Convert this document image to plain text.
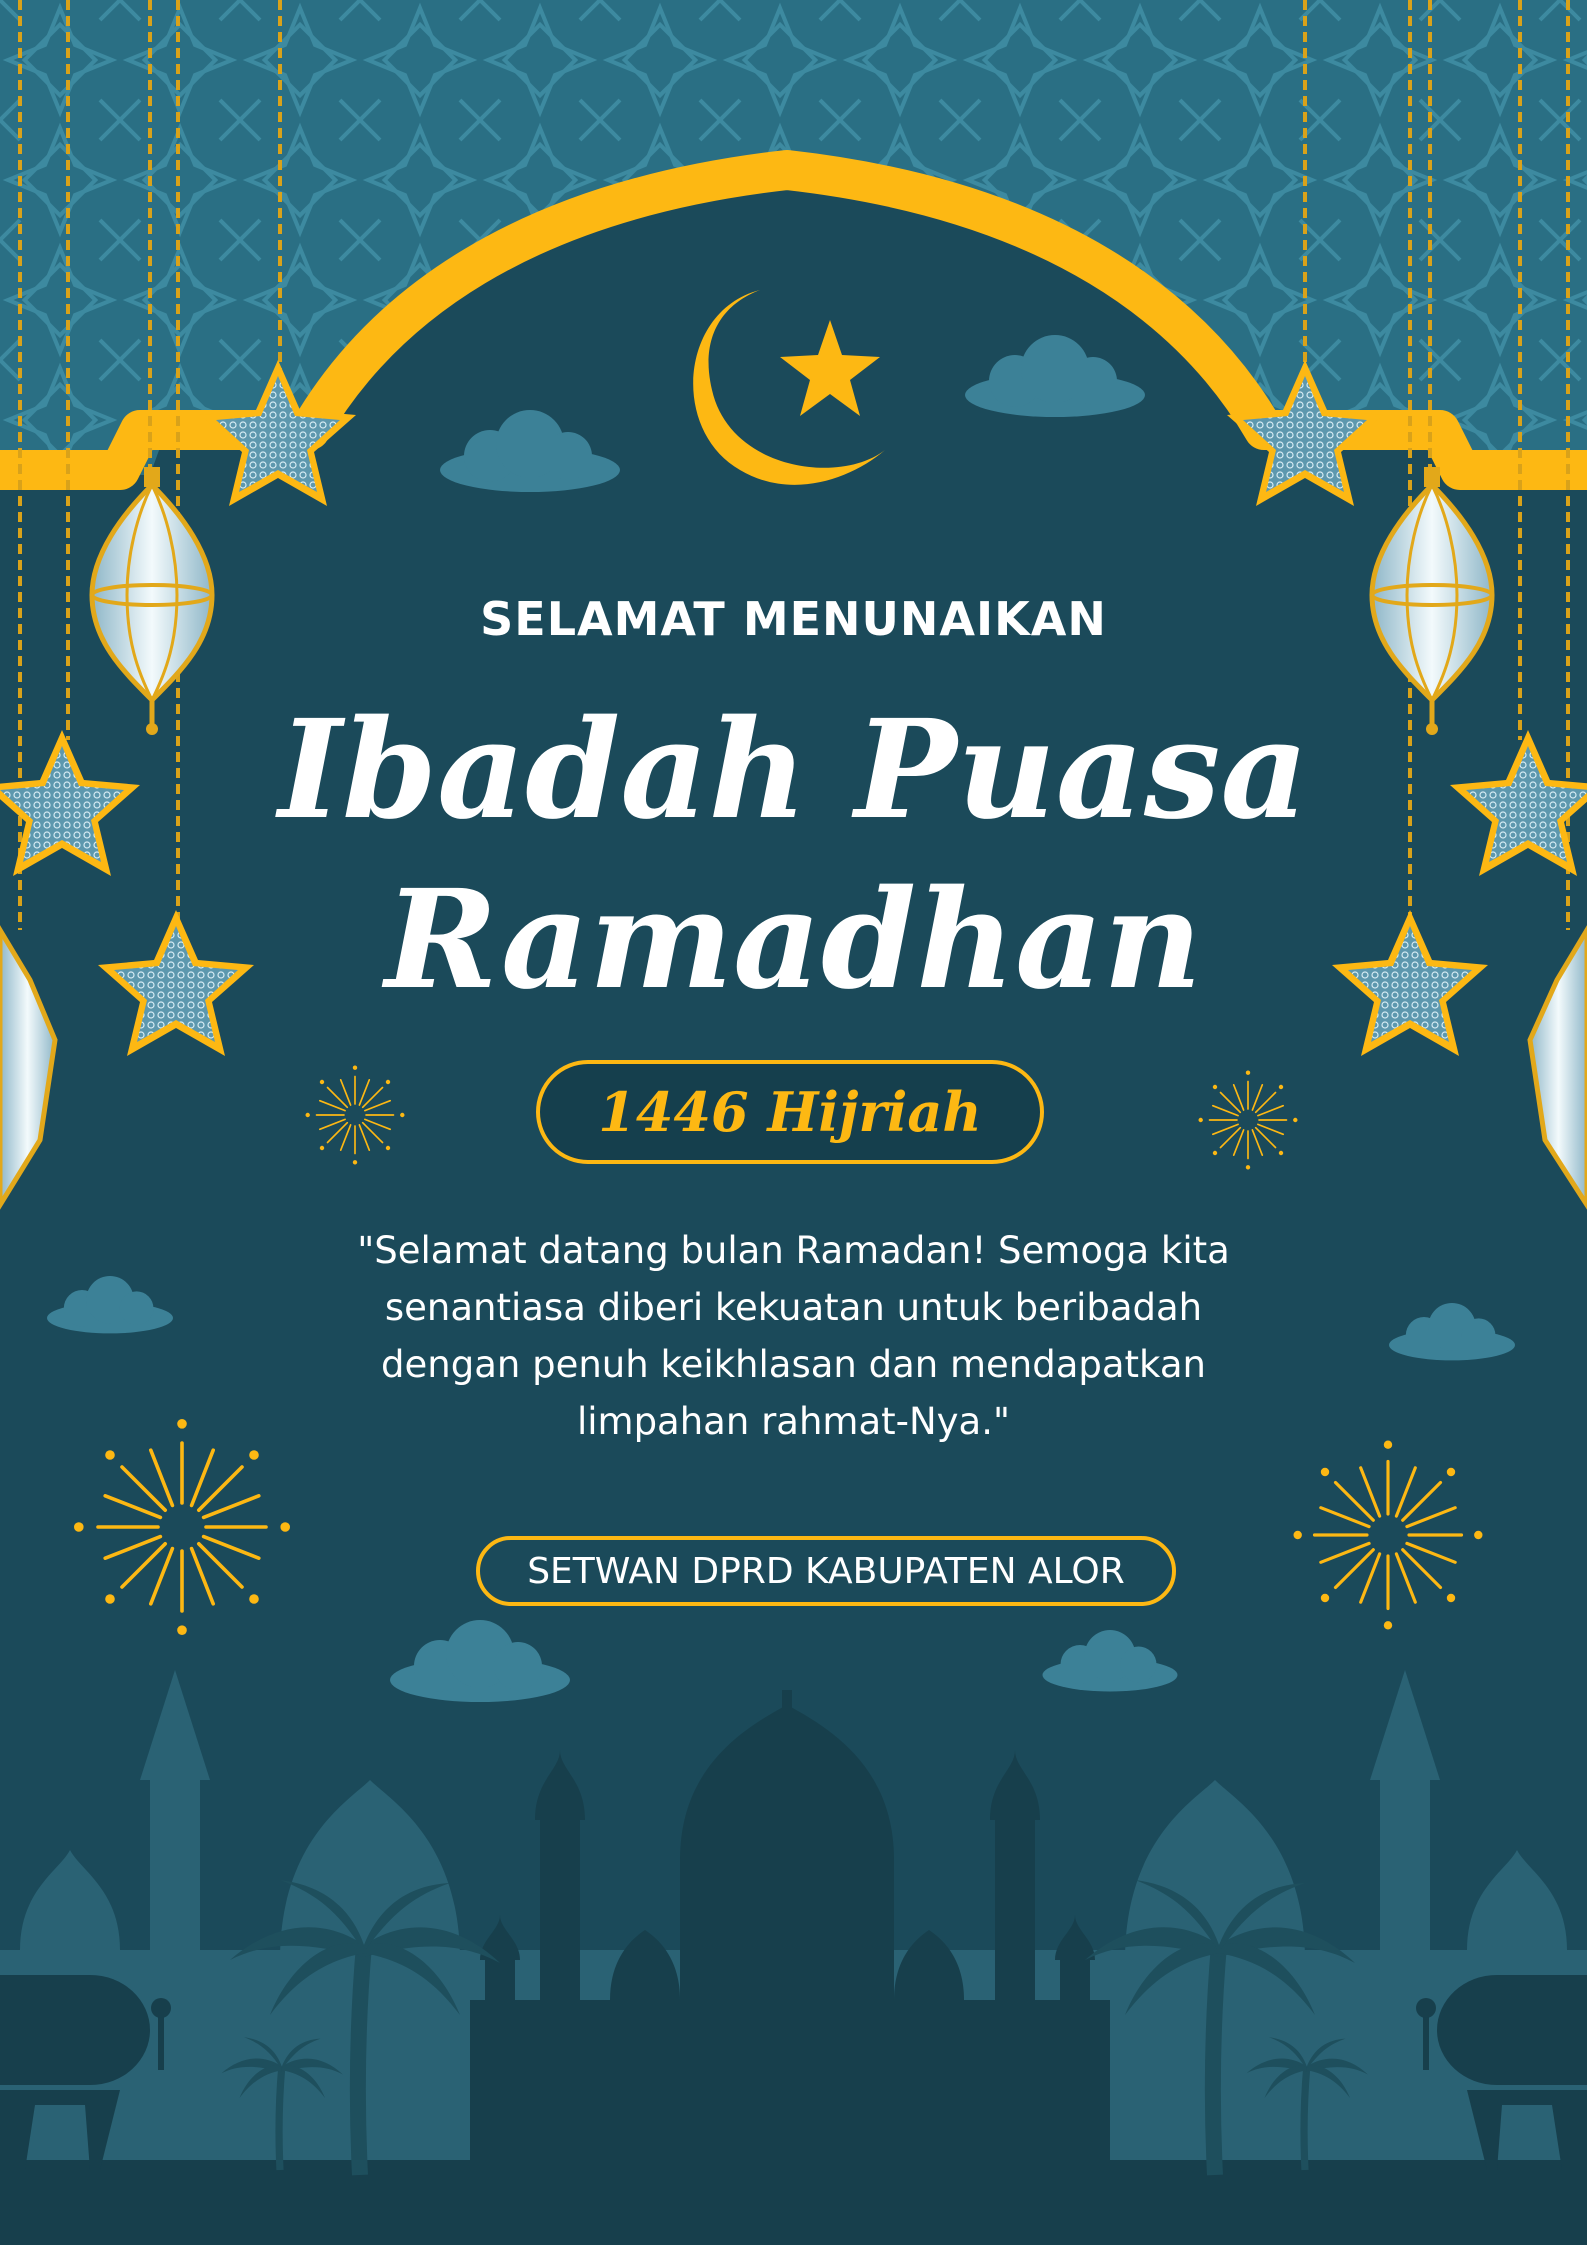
SELAMAT MENUNAIKAN
Ibadah Puasa
Ramadhan
1446 Hijriah
"Selamat datang bulan Ramadan! Semoga kita senantiasa diberi kekuatan untuk beribadah dengan penuh keikhlasan dan mendapatkan limpahan rahmat-Nya."
SETWAN DPRD KABUPATEN ALOR
